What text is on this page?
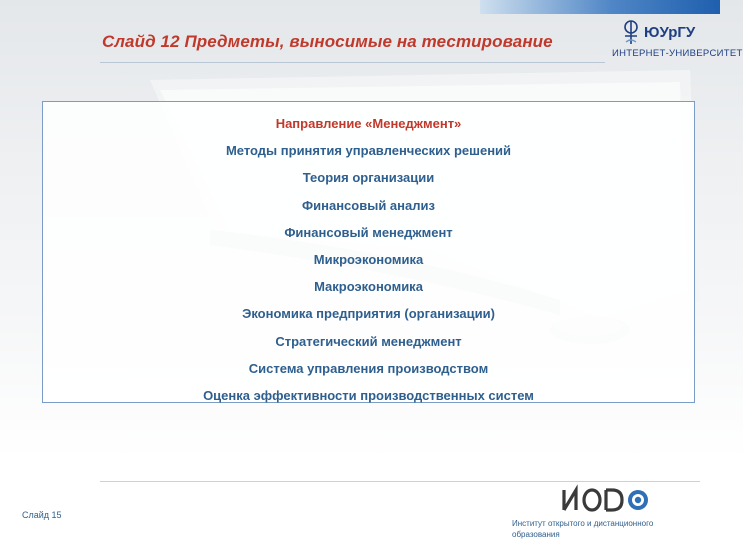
Слайд 12 Предметы, выносимые на тестирование	ЮУрГУ
ИНТЕРНЕТ-УНИВЕРСИТЕТ
Направление «Менеджмент»
Методы принятия управленческих решений
Теория организации
Финансовый анализ
Финансовый менеджмент
Микроэкономика
Макроэкономика
Экономика предприятия (организации)
Стратегический менеджмент
Система управления производством
Оценка эффективности производственных систем
Слайд 15
Институт открытого и дистанционного образования
